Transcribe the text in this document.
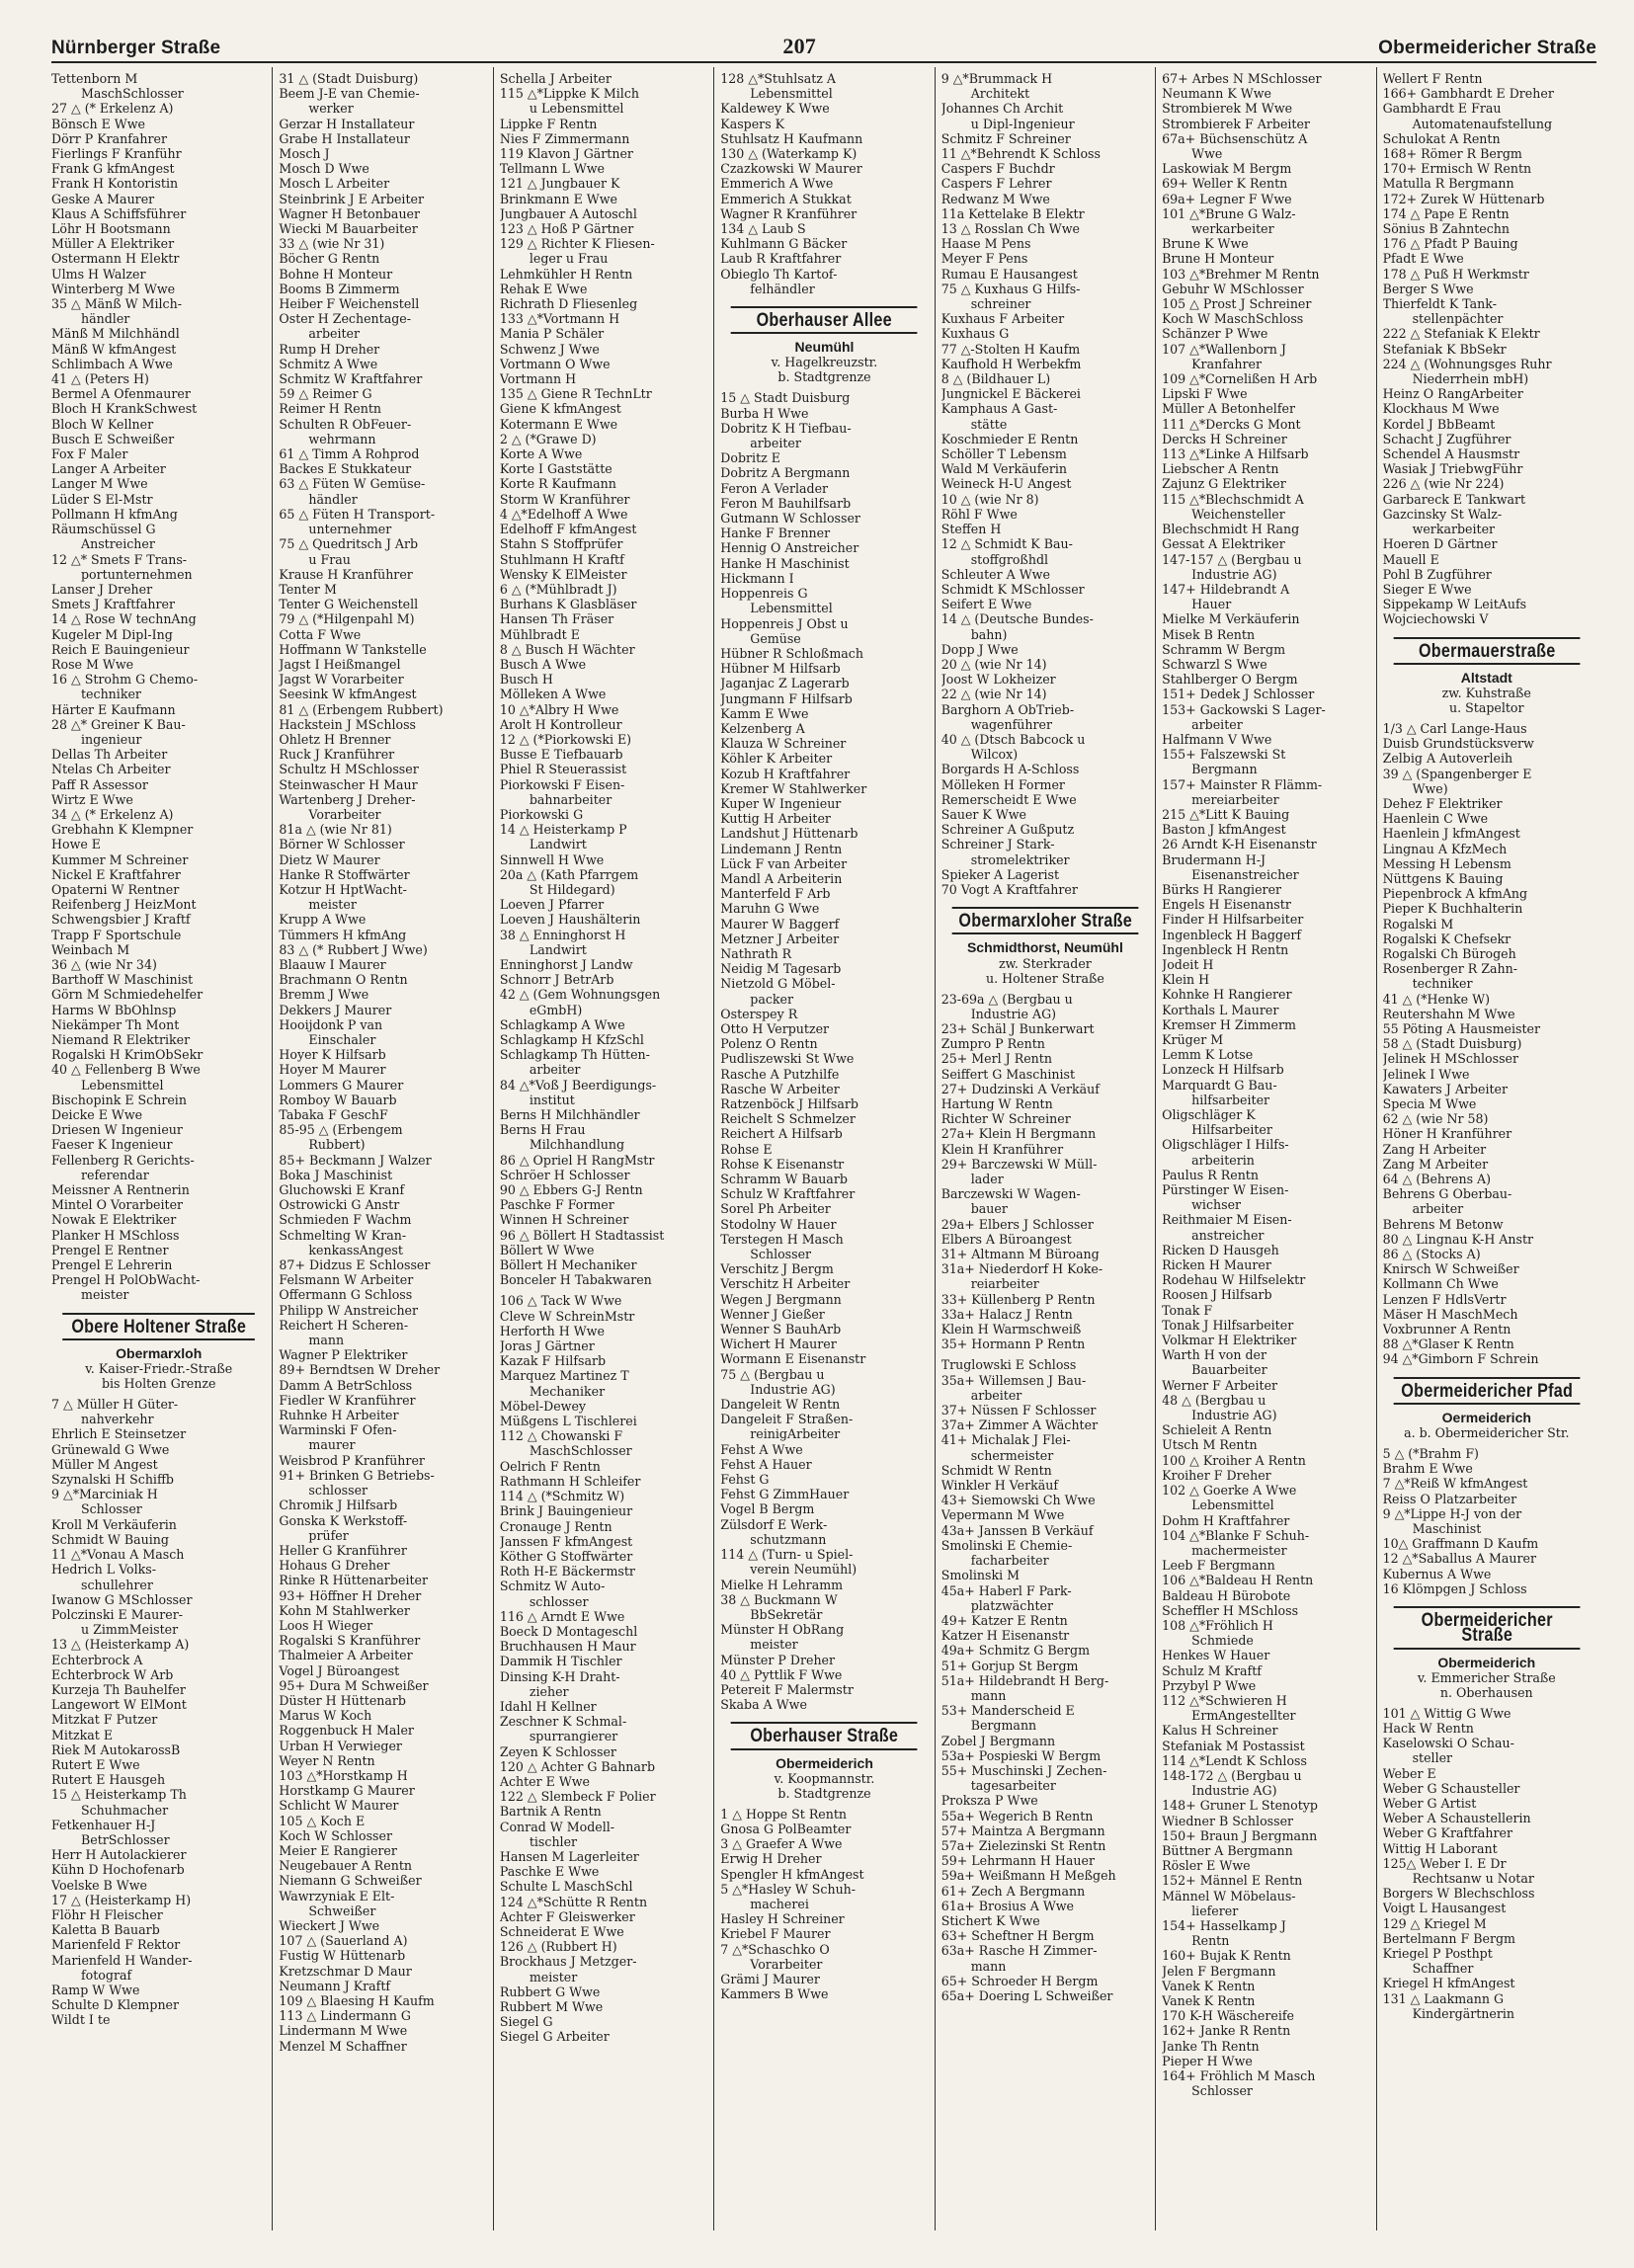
Nürnberger Straße	207	Obermeidericher Straße
Tettenborn M
MaschSchlosser
27 △ (* Erkelenz A)
Bönsch E Wwe
Dörr P Kranfahrer
Fierlings F Kranführ
Frank G kfmAngest
Frank H Kontoristin
Geske A Maurer
Klaus A Schiffsführer
Löhr H Bootsmann
Müller A Elektriker
Ostermann H Elektr
Ulms H Walzer
Winterberg M Wwe
35 △ Mänß W Milch-
händler
Mänß M Milchhändl
Mänß W kfmAngest
Schlimbach A Wwe
41 △ (Peters H)
Bermel A Ofenmaurer
Bloch H KrankSchwest
Bloch W Kellner
Busch E Schweißer
Fox F Maler
Langer A Arbeiter
Langer M Wwe
Lüder S El-Mstr
Pollmann H kfmAng
Räumschüssel G
Anstreicher
12 △* Smets F Trans-
portunternehmen
Lanser J Dreher
Smets J Kraftfahrer
14 △ Rose W technAng
Kugeler M Dipl-Ing
Reich E Bauingenieur
Rose M Wwe
16 △ Strohm G Chemo-
techniker
Härter E Kaufmann
28 △* Greiner K Bau-
ingenieur
Dellas Th Arbeiter
Ntelas Ch Arbeiter
Paff R Assessor
Wirtz E Wwe
34 △ (* Erkelenz A)
Grebhahn K Klempner
Howe E
Kummer M Schreiner
Nickel E Kraftfahrer
Opaterni W Rentner
Reifenberg J HeizMont
Schwengsbier J Kraftf
Trapp F Sportschule
Weinbach M
36 △ (wie Nr 34)
Barthoff W Maschinist
Görn M Schmiedehelfer
Harms W BbOhlnsp
Niekämper Th Mont
Niemand R Elektriker
Rogalski H KrimObSekr
40 △ Fellenberg B Wwe
Lebensmittel
Bischopink E Schrein
Deicke E Wwe
Driesen W Ingenieur
Faeser K Ingenieur
Fellenberg R Gerichts-
referendar
Meissner A Rentnerin
Mintel O Vorarbeiter
Nowak E Elektriker
Planker H MSchloss
Prengel E Rentner
Prengel E Lehrerin
Prengel H PolObWacht-
meister
Obere Holtener Straße
Obermarxloh
v. Kaiser-Friedr.-Straße
bis Holten Grenze
7 △ Müller H Güter-
nahverkehr
Ehrlich E Steinsetzer
Grünewald G Wwe
Müller M Angest
Szynalski H Schiffb
9 △*Marciniak H
Schlosser
Kroll M Verkäuferin
Schmidt W Bauing
11 △*Vonau A Masch
Hedrich L Volks-
schullehrer
Iwanow G MSchlosser
Polczinski E Maurer-
u ZimmMeister
13 △ (Heisterkamp A)
Echterbrock A
Echterbrock W Arb
Kurzeja Th Bauhelfer
Langewort W ElMont
Mitzkat F Putzer
Mitzkat E
Riek M AutokarossB
Rutert E Wwe
Rutert E Hausgeh
15 △ Heisterkamp Th
Schuhmacher
Fetkenhauer H-J
BetrSchlosser
Herr H Autolackierer
Kühn D Hochofenarb
Voelske B Wwe
17 △ (Heisterkamp H)
Flöhr H Fleischer
Kaletta B Bauarb
Marienfeld F Rektor
Marienfeld H Wander-
fotograf
Ramp W Wwe
Schulte D Klempner
Wildt I te
31 △ (Stadt Duisburg)
Beem J-E van Chemie-
werker
Gerzar H Installateur
Grabe H Installateur
Mosch J
Mosch D Wwe
Mosch L Arbeiter
Steinbrink J E Arbeiter
Wagner H Betonbauer
Wiecki M Bauarbeiter
33 △ (wie Nr 31)
Böcher G Rentn
Bohne H Monteur
Booms B Zimmerm
Heiber F Weichenstell
Oster H Zechentage-
arbeiter
Rump H Dreher
Schmitz A Wwe
Schmitz W Kraftfahrer
59 △ Reimer G
Reimer H Rentn
Schulten R ObFeuer-
wehrmann
61 △ Timm A Rohprod
Backes E Stukkateur
63 △ Füten W Gemüse-
händler
65 △ Füten H Transport-
unternehmer
75 △ Quedritsch J Arb
u Frau
Krause H Kranführer
Tenter M
Tenter G Weichenstell
79 △ (*Hilgenpahl M)
Cotta F Wwe
Hoffmann W Tankstelle
Jagst I Heißmangel
Jagst W Vorarbeiter
Seesink W kfmAngest
81 △ (Erbengem Rubbert)
Hackstein J MSchloss
Ohletz H Brenner
Ruck J Kranführer
Schultz H MSchlosser
Steinwascher H Maur
Wartenberg J Dreher-
Vorarbeiter
81a △ (wie Nr 81)
Börner W Schlosser
Dietz W Maurer
Hanke R Stoffwärter
Kotzur H HptWacht-
meister
Krupp A Wwe
Tümmers H kfmAng
83 △ (* Rubbert J Wwe)
Blaauw I Maurer
Brachmann O Rentn
Bremm J Wwe
Dekkers J Maurer
Hooijdonk P van
Einschaler
Hoyer K Hilfsarb
Hoyer M Maurer
Lommers G Maurer
Romboy W Bauarb
Tabaka F GeschF
85-95 △ (Erbengem
Rubbert)
85+ Beckmann J Walzer
Boka J Maschinist
Gluchowski E Kranf
Ostrowicki G Anstr
Schmieden F Wachm
Schmelting W Kran-
kenkassAngest
87+ Didzus E Schlosser
Felsmann W Arbeiter
Offermann G Schloss
Philipp W Anstreicher
Reichert H Scheren-
mann
Wagner P Elektriker
89+ Berndtsen W Dreher
Damm A BetrSchloss
Fiedler W Kranführer
Ruhnke H Arbeiter
Warminski F Ofen-
maurer
Weisbrod P Kranführer
91+ Brinken G Betriebs-
schlosser
Chromik J Hilfsarb
Gonska K Werkstoff-
prüfer
Heller G Kranführer
Hohaus G Dreher
Rinke R Hüttenarbeiter
93+ Höffner H Dreher
Kohn M Stahlwerker
Loos H Wieger
Rogalski S Kranführer
Thalmeier A Arbeiter
Vogel J Büroangest
95+ Dura M Schweißer
Düster H Hüttenarb
Marus W Koch
Roggenbuck H Maler
Urban H Verwieger
Weyer N Rentn
103 △*Horstkamp H
Horstkamp G Maurer
Schlicht W Maurer
105 △ Koch E
Koch W Schlosser
Meier E Rangierer
Neugebauer A Rentn
Niemann G Schweißer
Wawrzyniak E Elt-
Schweißer
Wieckert J Wwe
107 △ (Sauerland A)
Fustig W Hüttenarb
Kretzschmar D Maur
Neumann J Kraftf
109 △ Blaesing H Kaufm
113 △ Lindermann G
Lindermann M Wwe
Menzel M Schaffner
Schella J Arbeiter
115 △*Lippke K Milch
u Lebensmittel
Lippke F Rentn
Nies F Zimmermann
119 Klavon J Gärtner
Tellmann L Wwe
121 △ Jungbauer K
Brinkmann E Wwe
Jungbauer A Autoschl
123 △ Hoß P Gärtner
129 △ Richter K Fliesen-
leger u Frau
Lehmkühler H Rentn
Rehak E Wwe
Richrath D Fliesenleg
133 △*Vortmann H
Mania P Schäler
Schwenz J Wwe
Vortmann O Wwe
Vortmann H
135 △ Giene R TechnLtr
Giene K kfmAngest
Kotermann E Wwe
2 △ (*Grawe D)
Korte A Wwe
Korte I Gaststätte
Korte R Kaufmann
Storm W Kranführer
4 △*Edelhoff A Wwe
Edelhoff F kfmAngest
Stahn S Stoffprüfer
Stuhlmann H Kraftf
Wensky K ElMeister
6 △ (*Mühlbradt J)
Burhans K Glasbläser
Hansen Th Fräser
Mühlbradt E
8 △ Busch H Wächter
Busch A Wwe
Busch H
Mölleken A Wwe
10 △*Albry H Wwe
Arolt H Kontrolleur
12 △ (*Piorkowski E)
Busse E Tiefbauarb
Phiel R Steuerassist
Piorkowski F Eisen-
bahnarbeiter
Piorkowski G
14 △ Heisterkamp P
Landwirt
Sinnwell H Wwe
20a △ (Kath Pfarrgem
St Hildegard)
Loeven J Pfarrer
Loeven J Haushälterin
38 △ Enninghorst H
Landwirt
Enninghorst J Landw
Schnorr J BetrArb
42 △ (Gem Wohnungsgen
eGmbH)
Schlagkamp A Wwe
Schlagkamp H KfzSchl
Schlagkamp Th Hütten-
arbeiter
84 △*Voß J Beerdigungs-
institut
Berns H Milchhändler
Berns H Frau
Milchhandlung
86 △ Opriel H RangMstr
Schröer H Schlosser
90 △ Ebbers G-J Rentn
Paschke F Former
Winnen H Schreiner
96 △ Böllert H Stadtassist
Böllert W Wwe
Böllert H Mechaniker
Bonceler H Tabakwaren
106 △ Tack W Wwe
Cleve W SchreinMstr
Herforth H Wwe
Joras J Gärtner
Kazak F Hilfsarb
Marquez Martinez T
Mechaniker
Möbel-Dewey
Müßgens L Tischlerei
112 △ Chowanski F
MaschSchlosser
Oelrich F Rentn
Rathmann H Schleifer
114 △ (*Schmitz W)
Brink J Bauingenieur
Cronauge J Rentn
Janssen F kfmAngest
Köther G Stoffwärter
Roth H-E Bäckermstr
Schmitz W Auto-
schlosser
116 △ Arndt E Wwe
Boeck D Montageschl
Bruchhausen H Maur
Dammik H Tischler
Dinsing K-H Draht-
zieher
Idahl H Kellner
Zeschner K Schmal-
spurrangierer
Zeyen K Schlosser
120 △ Achter G Bahnarb
Achter E Wwe
122 △ Slembeck F Polier
Bartnik A Rentn
Conrad W Modell-
tischler
Hansen M Lagerleiter
Paschke E Wwe
Schulte L MaschSchl
124 △*Schütte R Rentn
Achter F Gleiswerker
Schneiderat E Wwe
126 △ (Rubbert H)
Brockhaus J Metzger-
meister
Rubbert G Wwe
Rubbert M Wwe
Siegel G
Siegel G Arbeiter
128 △*Stuhlsatz A
Lebensmittel
Kaldewey K Wwe
Kaspers K
Stuhlsatz H Kaufmann
130 △ (Waterkamp K)
Czazkowski W Maurer
Emmerich A Wwe
Emmerich A Stukkat
Wagner R Kranführer
134 △ Laub S
Kuhlmann G Bäcker
Laub R Kraftfahrer
Obieglo Th Kartof-
felhändler
Oberhauser Allee
Neumühl
v. Hagelkreuzstr.
b. Stadtgrenze
15 △ Stadt Duisburg
Burba H Wwe
Dobritz K H Tiefbau-
arbeiter
Dobritz E
Dobritz A Bergmann
Feron A Verlader
Feron M Bauhilfsarb
Gutmann W Schlosser
Hanke F Brenner
Hennig O Anstreicher
Hanke H Maschinist
Hickmann I
Hoppenreis G
Lebensmittel
Hoppenreis J Obst u
Gemüse
Hübner R Schloßmach
Hübner M Hilfsarb
Jaganjac Z Lagerarb
Jungmann F Hilfsarb
Kamm E Wwe
Kelzenberg A
Klauza W Schreiner
Köhler K Arbeiter
Kozub H Kraftfahrer
Kremer W Stahlwerker
Kuper W Ingenieur
Kuttig H Arbeiter
Landshut J Hüttenarb
Lindemann J Rentn
Lück F van Arbeiter
Mandl A Arbeiterin
Manterfeld F Arb
Maruhn G Wwe
Maurer W Baggerf
Metzner J Arbeiter
Nathrath R
Neidig M Tagesarb
Nietzold G Möbel-
packer
Osterspey R
Otto H Verputzer
Polenz O Rentn
Pudliszewski St Wwe
Rasche A Putzhilfe
Rasche W Arbeiter
Ratzenböck J Hilfsarb
Reichelt S Schmelzer
Reichert A Hilfsarb
Rohse E
Rohse K Eisenanstr
Schramm W Bauarb
Schulz W Kraftfahrer
Sorel Ph Arbeiter
Stodolny W Hauer
Terstegen H Masch
Schlosser
Verschitz J Bergm
Verschitz H Arbeiter
Wegen J Bergmann
Wenner J Gießer
Wenner S BauhArb
Wichert H Maurer
Wormann E Eisenanstr
75 △ (Bergbau u
Industrie AG)
Dangeleit W Rentn
Dangeleit F Straßen-
reinigArbeiter
Fehst A Wwe
Fehst A Hauer
Fehst G
Fehst G ZimmHauer
Vogel B Bergm
Zülsdorf E Werk-
schutzmann
114 △ (Turn- u Spiel-
verein Neumühl)
Mielke H Lehramm
38 △ Buckmann W
BbSekretär
Münster H ObRang
meister
Münster P Dreher
40 △ Pyttlik F Wwe
Petereit F Malermstr
Skaba A Wwe
Oberhauser Straße
Obermeiderich
v. Koopmannstr.
b. Stadtgrenze
1 △ Hoppe St Rentn
Gnosa G PolBeamter
3 △ Graefer A Wwe
Erwig H Dreher
Spengler H kfmAngest
5 △*Hasley W Schuh-
macherei
Hasley H Schreiner
Kriebel F Maurer
7 △*Schaschko O
Vorarbeiter
Grämi J Maurer
Kammers B Wwe
9 △*Brummack H
Architekt
Johannes Ch Archit
u Dipl-Ingenieur
Schmitz F Schreiner
11 △*Behrendt K Schloss
Caspers F Buchdr
Caspers F Lehrer
Redwanz M Wwe
11a Kettelake B Elektr
13 △ Rosslan Ch Wwe
Haase M Pens
Meyer F Pens
Rumau E Hausangest
75 △ Kuxhaus G Hilfs-
schreiner
Kuxhaus F Arbeiter
Kuxhaus G
77 △-Stolten H Kaufm
Kaufhold H Werbekfm
8 △ (Bildhauer L)
Jungnickel E Bäckerei
Kamphaus A Gast-
stätte
Koschmieder E Rentn
Schöller T Lebensm
Wald M Verkäuferin
Weineck H-U Angest
10 △ (wie Nr 8)
Röhl F Wwe
Steffen H
12 △ Schmidt K Bau-
stoffgroßhdl
Schleuter A Wwe
Schmidt K MSchlosser
Seifert E Wwe
14 △ (Deutsche Bundes-
bahn)
Dopp J Wwe
20 △ (wie Nr 14)
Joost W Lokheizer
22 △ (wie Nr 14)
Barghorn A ObTrieb-
wagenführer
40 △ (Dtsch Babcock u
Wilcox)
Borgards H A-Schloss
Mölleken H Former
Remerscheidt E Wwe
Sauer K Wwe
Schreiner A Gußputz
Schreiner J Stark-
stromelektriker
Spieker A Lagerist
70 Vogt A Kraftfahrer
Obermarxloher Straße
Schmidthorst, Neumühl
zw. Sterkrader
u. Holtener Straße
23-69a △ (Bergbau u
Industrie AG)
23+ Schäl J Bunkerwart
Zumpro P Rentn
25+ Merl J Rentn
Seiffert G Maschinist
27+ Dudzinski A Verkäuf
Hartung W Rentn
Richter W Schreiner
27a+ Klein H Bergmann
Klein H Kranführer
29+ Barczewski W Müll-
lader
Barczewski W Wagen-
bauer
29a+ Elbers J Schlosser
Elbers A Büroangest
31+ Altmann M Büroang
31a+ Niederdorf H Koke-
reiarbeiter
33+ Küllenberg P Rentn
33a+ Halacz J Rentn
Klein H Warmschweiß
35+ Hormann P Rentn
Truglowski E Schloss
35a+ Willemsen J Bau-
arbeiter
37+ Nüssen F Schlosser
37a+ Zimmer A Wächter
41+ Michalak J Flei-
schermeister
Schmidt W Rentn
Winkler H Verkäuf
43+ Siemowski Ch Wwe
Vepermann M Wwe
43a+ Janssen B Verkäuf
Smolinski E Chemie-
facharbeiter
Smolinski M
45a+ Haberl F Park-
platzwächter
49+ Katzer E Rentn
Katzer H Eisenanstr
49a+ Schmitz G Bergm
51+ Gorjup St Bergm
51a+ Hildebrandt H Berg-
mann
53+ Manderscheid E
Bergmann
Zobel J Bergmann
53a+ Pospieski W Bergm
55+ Muschinski J Zechen-
tagesarbeiter
Proksza P Wwe
55a+ Wegerich B Rentn
57+ Maintza A Bergmann
57a+ Zielezinski St Rentn
59+ Lehrmann H Hauer
59a+ Weißmann H Meßgeh
61+ Zech A Bergmann
61a+ Brosius A Wwe
Stichert K Wwe
63+ Scheftner H Bergm
63a+ Rasche H Zimmer-
mann
65+ Schroeder H Bergm
65a+ Doering L Schweißer
67+ Arbes N MSchlosser
Neumann K Wwe
Strombierek M Wwe
Strombierek F Arbeiter
67a+ Büchsenschütz A
Wwe
Laskowiak M Bergm
69+ Weller K Rentn
69a+ Legner F Wwe
101 △*Brune G Walz-
werkarbeiter
Brune K Wwe
Brune H Monteur
103 △*Brehmer M Rentn
Gebuhr W MSchlosser
105 △ Prost J Schreiner
Koch W MaschSchloss
Schänzer P Wwe
107 △*Wallenborn J
Kranfahrer
109 △*Cornelißen H Arb
Lipski F Wwe
Müller A Betonhelfer
111 △*Dercks G Mont
Dercks H Schreiner
113 △*Linke A Hilfsarb
Liebscher A Rentn
Zajunz G Elektriker
115 △*Blechschmidt A
Weichensteller
Blechschmidt H Rang
Gessat A Elektriker
147-157 △ (Bergbau u
Industrie AG)
147+ Hildebrandt A
Hauer
Mielke M Verkäuferin
Misek B Rentn
Schramm W Bergm
Schwarzl S Wwe
Stahlberger O Bergm
151+ Dedek J Schlosser
153+ Gackowski S Lager-
arbeiter
Halfmann V Wwe
155+ Falszewski St
Bergmann
157+ Mainster R Flämm-
mereiarbeiter
215 △*Litt K Bauing
Baston J kfmAngest
26 Arndt K-H Eisenanstr
Brudermann H-J
Eisenanstreicher
Bürks H Rangierer
Engels H Eisenanstr
Finder H Hilfsarbeiter
Ingenbleck H Baggerf
Ingenbleck H Rentn
Jodeit H
Klein H
Kohnke H Rangierer
Korthals L Maurer
Kremser H Zimmerm
Krüger M
Lemm K Lotse
Lonzeck H Hilfsarb
Marquardt G Bau-
hilfsarbeiter
Oligschläger K
Hilfsarbeiter
Oligschläger I Hilfs-
arbeiterin
Paulus R Rentn
Pürstinger W Eisen-
wichser
Reithmaier M Eisen-
anstreicher
Ricken D Hausgeh
Ricken H Maurer
Rodehau W Hilfselektr
Roosen J Hilfsarb
Tonak F
Tonak J Hilfsarbeiter
Volkmar H Elektriker
Warth H von der
Bauarbeiter
Werner F Arbeiter
48 △ (Bergbau u
Industrie AG)
Schieleit A Rentn
Utsch M Rentn
100 △ Kroiher A Rentn
Kroiher F Dreher
102 △ Goerke A Wwe
Lebensmittel
Dohm H Kraftfahrer
104 △*Blanke F Schuh-
machermeister
Leeb F Bergmann
106 △*Baldeau H Rentn
Baldeau H Bürobote
Scheffler H MSchloss
108 △*Fröhlich H
Schmiede
Henkes W Hauer
Schulz M Kraftf
Przybyl P Wwe
112 △*Schwieren H
ErmAngestellter
Kalus H Schreiner
Stefaniak M Postassist
114 △*Lendt K Schloss
148-172 △ (Bergbau u
Industrie AG)
148+ Gruner L Stenotyp
Wiedner B Schlosser
150+ Braun J Bergmann
Büttner A Bergmann
Rösler E Wwe
152+ Männel E Rentn
Männel W Möbelaus-
lieferer
154+ Hasselkamp J
Rentn
160+ Bujak K Rentn
Jelen F Bergmann
Vanek K Rentn
Vanek K Rentn
170 K-H Wäschereife
162+ Janke R Rentn
Janke Th Rentn
Pieper H Wwe
164+ Fröhlich M Masch
Schlosser
Wellert F Rentn
166+ Gambhardt E Dreher
Gambhardt E Frau
Automatenaufstellung
Schulokat A Rentn
168+ Römer R Bergm
170+ Ermisch W Rentn
Matulla R Bergmann
172+ Zurek W Hüttenarb
174 △ Pape E Rentn
Sönius B Zahntechn
176 △ Pfadt P Bauing
Pfadt E Wwe
178 △ Puß H Werkmstr
Berger S Wwe
Thierfeldt K Tank-
stellenpächter
222 △ Stefaniak K Elektr
Stefaniak K BbSekr
224 △ (Wohnungsges Ruhr
Niederrhein mbH)
Heinz O RangArbeiter
Klockhaus M Wwe
Kordel J BbBeamt
Schacht J Zugführer
Schendel A Hausmstr
Wasiak J TriebwgFühr
226 △ (wie Nr 224)
Garbareck E Tankwart
Gazcinsky St Walz-
werkarbeiter
Hoeren D Gärtner
Mauell E
Pohl B Zugführer
Sieger E Wwe
Sippekamp W LeitAufs
Wojciechowski V
Obermauerstraße
Altstadt
zw. Kuhstraße
u. Stapeltor
1/3 △ Carl Lange-Haus
Duisb Grundstücksverw
Zelbig A Autoverleih
39 △ (Spangenberger E
Wwe)
Dehez F Elektriker
Haenlein C Wwe
Haenlein J kfmAngest
Lingnau A KfzMech
Messing H Lebensm
Nüttgens K Bauing
Piepenbrock A kfmAng
Pieper K Buchhalterin
Rogalski M
Rogalski K Chefsekr
Rogalski Ch Bürogeh
Rosenberger R Zahn-
techniker
41 △ (*Henke W)
Reutershahn M Wwe
55 Pöting A Hausmeister
58 △ (Stadt Duisburg)
Jelinek H MSchlosser
Jelinek I Wwe
Kawaters J Arbeiter
Specia M Wwe
62 △ (wie Nr 58)
Höner H Kranführer
Zang H Arbeiter
Zang M Arbeiter
64 △ (Behrens A)
Behrens G Oberbau-
arbeiter
Behrens M Betonw
80 △ Lingnau K-H Anstr
86 △ (Stocks A)
Knirsch W Schweißer
Kollmann Ch Wwe
Lenzen F HdlsVertr
Mäser H MaschMech
Voxbrunner A Rentn
88 △*Glaser K Rentn
94 △*Gimborn F Schrein
Obermeidericher Pfad
Oermeiderich
a. b. Obermeidericher Str.
5 △ (*Brahm F)
Brahm E Wwe
7 △*Reiß W kfmAngest
Reiss O Platzarbeiter
9 △*Lippe H-J von der
Maschinist
10△ Graffmann D Kaufm
12 △*Saballus A Maurer
Kubernus A Wwe
16 Klömpgen J Schloss
Obermeidericher Straße
Obermeiderich
v. Emmericher Straße
n. Oberhausen
101 △ Wittig G Wwe
Hack W Rentn
Kaselowski O Schau-
steller
Weber E
Weber G Schausteller
Weber G Artist
Weber A Schaustellerin
Weber G Kraftfahrer
Wittig H Laborant
125△ Weber I. E Dr
Rechtsanw u Notar
Borgers W Blechschloss
Voigt L Hausangest
129 △ Kriegel M
Bertelmann F Bergm
Kriegel P Posthpt
Schaffner
Kriegel H kfmAngest
131 △ Laakmann G
Kindergärtnerin
